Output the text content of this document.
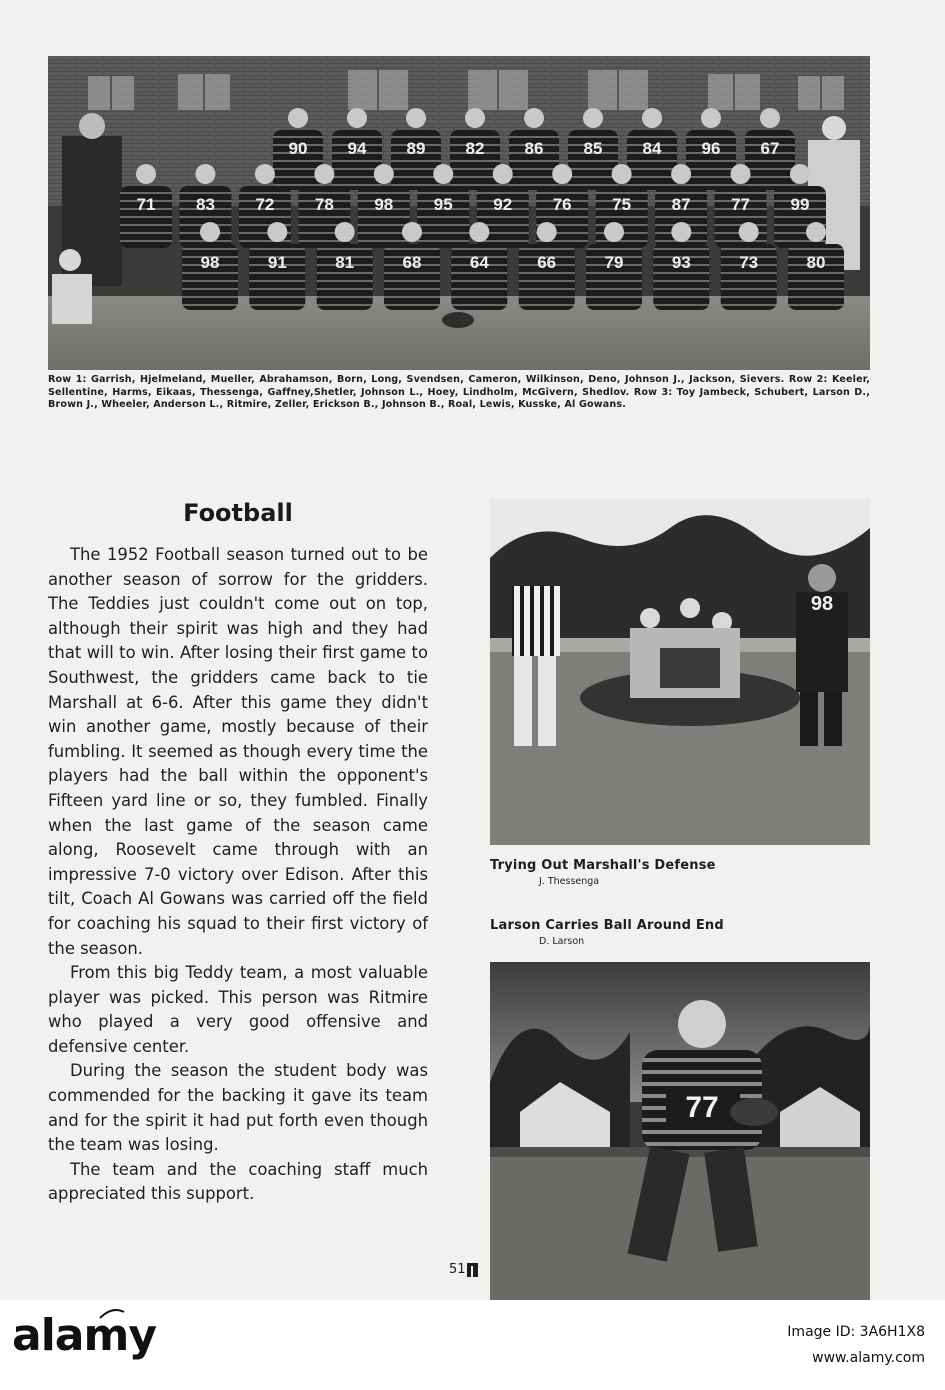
90 94 89 82 86 85 84 96 67
71 83 72 78 98 95 92 76 75 87 77 99
98	91	81	68	64	66	79	93	73	80

Row 1: Garrish, Hjelmeland, Mueller, Abrahamson, Born, Long, Svendsen, Cameron, Wilkinson, Deno, Johnson J., Jackson, Sievers. Row 2: Keeler, Sellentine, Harms, Eikaas, Thessenga, Gaffney,Shetler, Johnson L., Hoey, Lindholm, McGivern, Shedlov. Row 3: Toy Jambeck, Schubert, Larson D., Brown J., Wheeler, Anderson L., Ritmire, Zeller, Erickson B., Johnson B., Roal, Lewis, Kusske, Al Gowans.

Football

The 1952 Football season turned out to be another season of sorrow for the gridders. The Teddies just couldn't come out on top, although their spirit was high and they had that will to win. After losing their first game to Southwest, the gridders came back to tie Marshall at 6-6. After this game they didn't win another game, mostly because of their fumbling. It seemed as though every time the players had the ball within the opponent's Fifteen yard line or so, they fumbled. Finally when the last game of the season came along, Roosevelt came through with an impressive 7-0 victory over Edison. After this tilt, Coach Al Gowans was carried off the field for coaching his squad to their first victory of the season.

From this big Teddy team, a most valuable player was picked. This person was Ritmire who played a very good offensive and defensive center.

During the season the student body was commended for the backing it gave its team and for the spirit it had put forth even though the team was losing.

The team and the coaching staff much appreciated this support.

98
Trying Out Marshall's Defense
J. Thessenga
Larson Carries Ball Around End
D. Larson
77
51
alamy	Image ID: 3A6H1X8
www.alamy.com
